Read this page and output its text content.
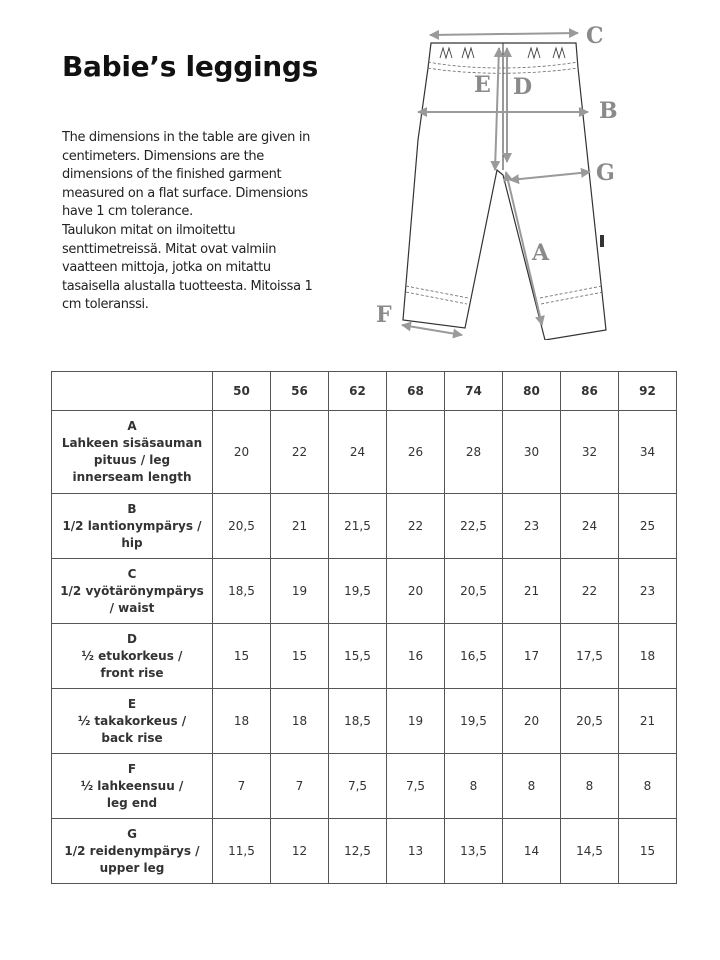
Babie’s leggings
The dimensions in the table are given in centimeters. Dimensions are the dimensions of the finished garment measured on a flat surface. Dimensions have 1 cm tolerance.
Taulukon mitat on ilmoitettu senttimetreissä. Mitat ovat valmiin vaatteen mittoja, jotka on mitattu tasaisella alustalla tuotteesta. Mitoissa 1 cm toleranssi.
C
B
E D
G
A
F
	50	56	62	68	74	80	86	92

A
Lahkeen sisäsauman
pituus / leg
innerseam length	20	22	24	26	28	30	32	34

B
1/2 lantionympärys /
hip	20,5	21	21,5	22	22,5	23	24	25

C
1/2 vyötärönympärys
/ waist	18,5	19	19,5	20	20,5	21	22	23

D
½ etukorkeus /
front rise	15	15	15,5	16	16,5	17	17,5	18

E
½ takakorkeus /
back rise	18	18	18,5	19	19,5	20	20,5	21

F
½ lahkeensuu /
leg end	7	7	7,5	7,5	8	8	8	8

G
1/2 reidenympärys /
upper leg	11,5	12	12,5	13	13,5	14	14,5	15
